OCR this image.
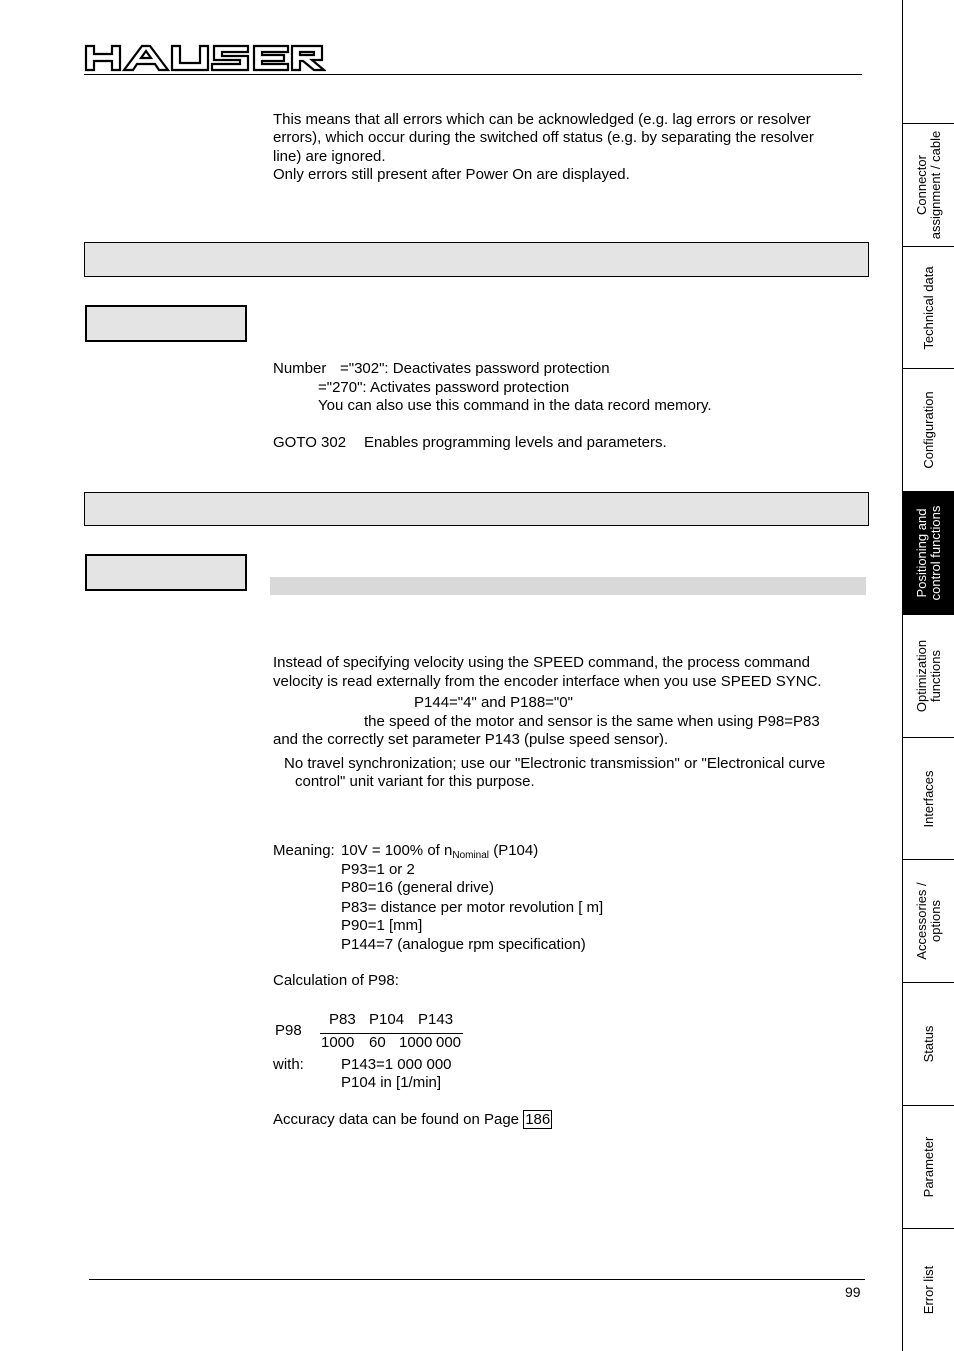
This means that all errors which can be acknowledged (e.g. lag errors or resolver
errors), which occur during the switched off status (e.g. by separating the resolver
line) are ignored.
Only errors still present after Power On are displayed.
Number ="302": Deactivates password protection
="270": Activates password protection
You can also use this command in the data record memory.
GOTO 302 Enables programming levels and parameters.
Instead of specifying velocity using the SPEED command, the process command
velocity is read externally from the encoder interface when you use SPEED SYNC.
P144="4" and P188="0"
the speed of the motor and sensor is the same when using P98=P83
and the correctly set parameter P143 (pulse speed sensor).
No travel synchronization; use our "Electronic transmission" or "Electronical curve
control" unit variant for this purpose.
Meaning: 10V = 100% of $n_{Nominal}$ (P104)
P93=1 or 2
P80=16 (general drive)
P83= distance per motor revolution [ m]
P90=1 [mm]
P144=7 (analogue rpm specification)
Calculation of P98:
P98
P83 P104 P143
1000 60 1000 000
with: P143=1 000 000
P104 in [1/min]
Accuracy data can be found on Page 186
99
Connector
assignment / cable
Technical data
Configuration
Positioning and
control functions
Optimization
functions
Interfaces
Accessories /
options
Status
Parameter
Error list
